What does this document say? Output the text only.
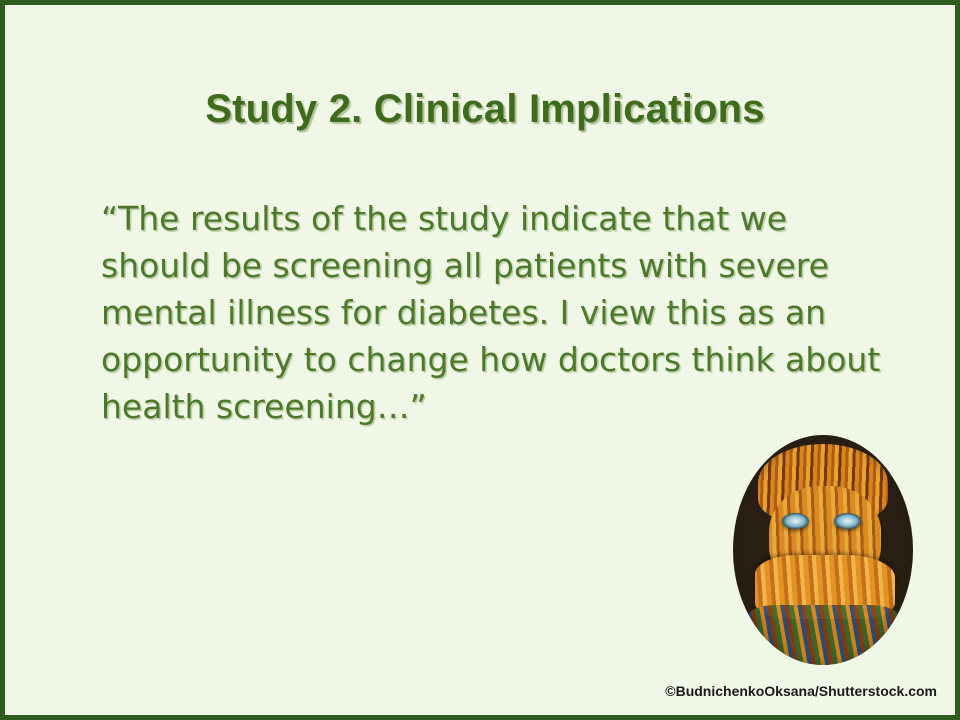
Study 2. Clinical Implications
“The results of the study indicate that we should be screening all patients with severe mental illness for diabetes. I view this as an opportunity to change how doctors think about health screening…”
©BudnichenkoOksana/Shutterstock.com
